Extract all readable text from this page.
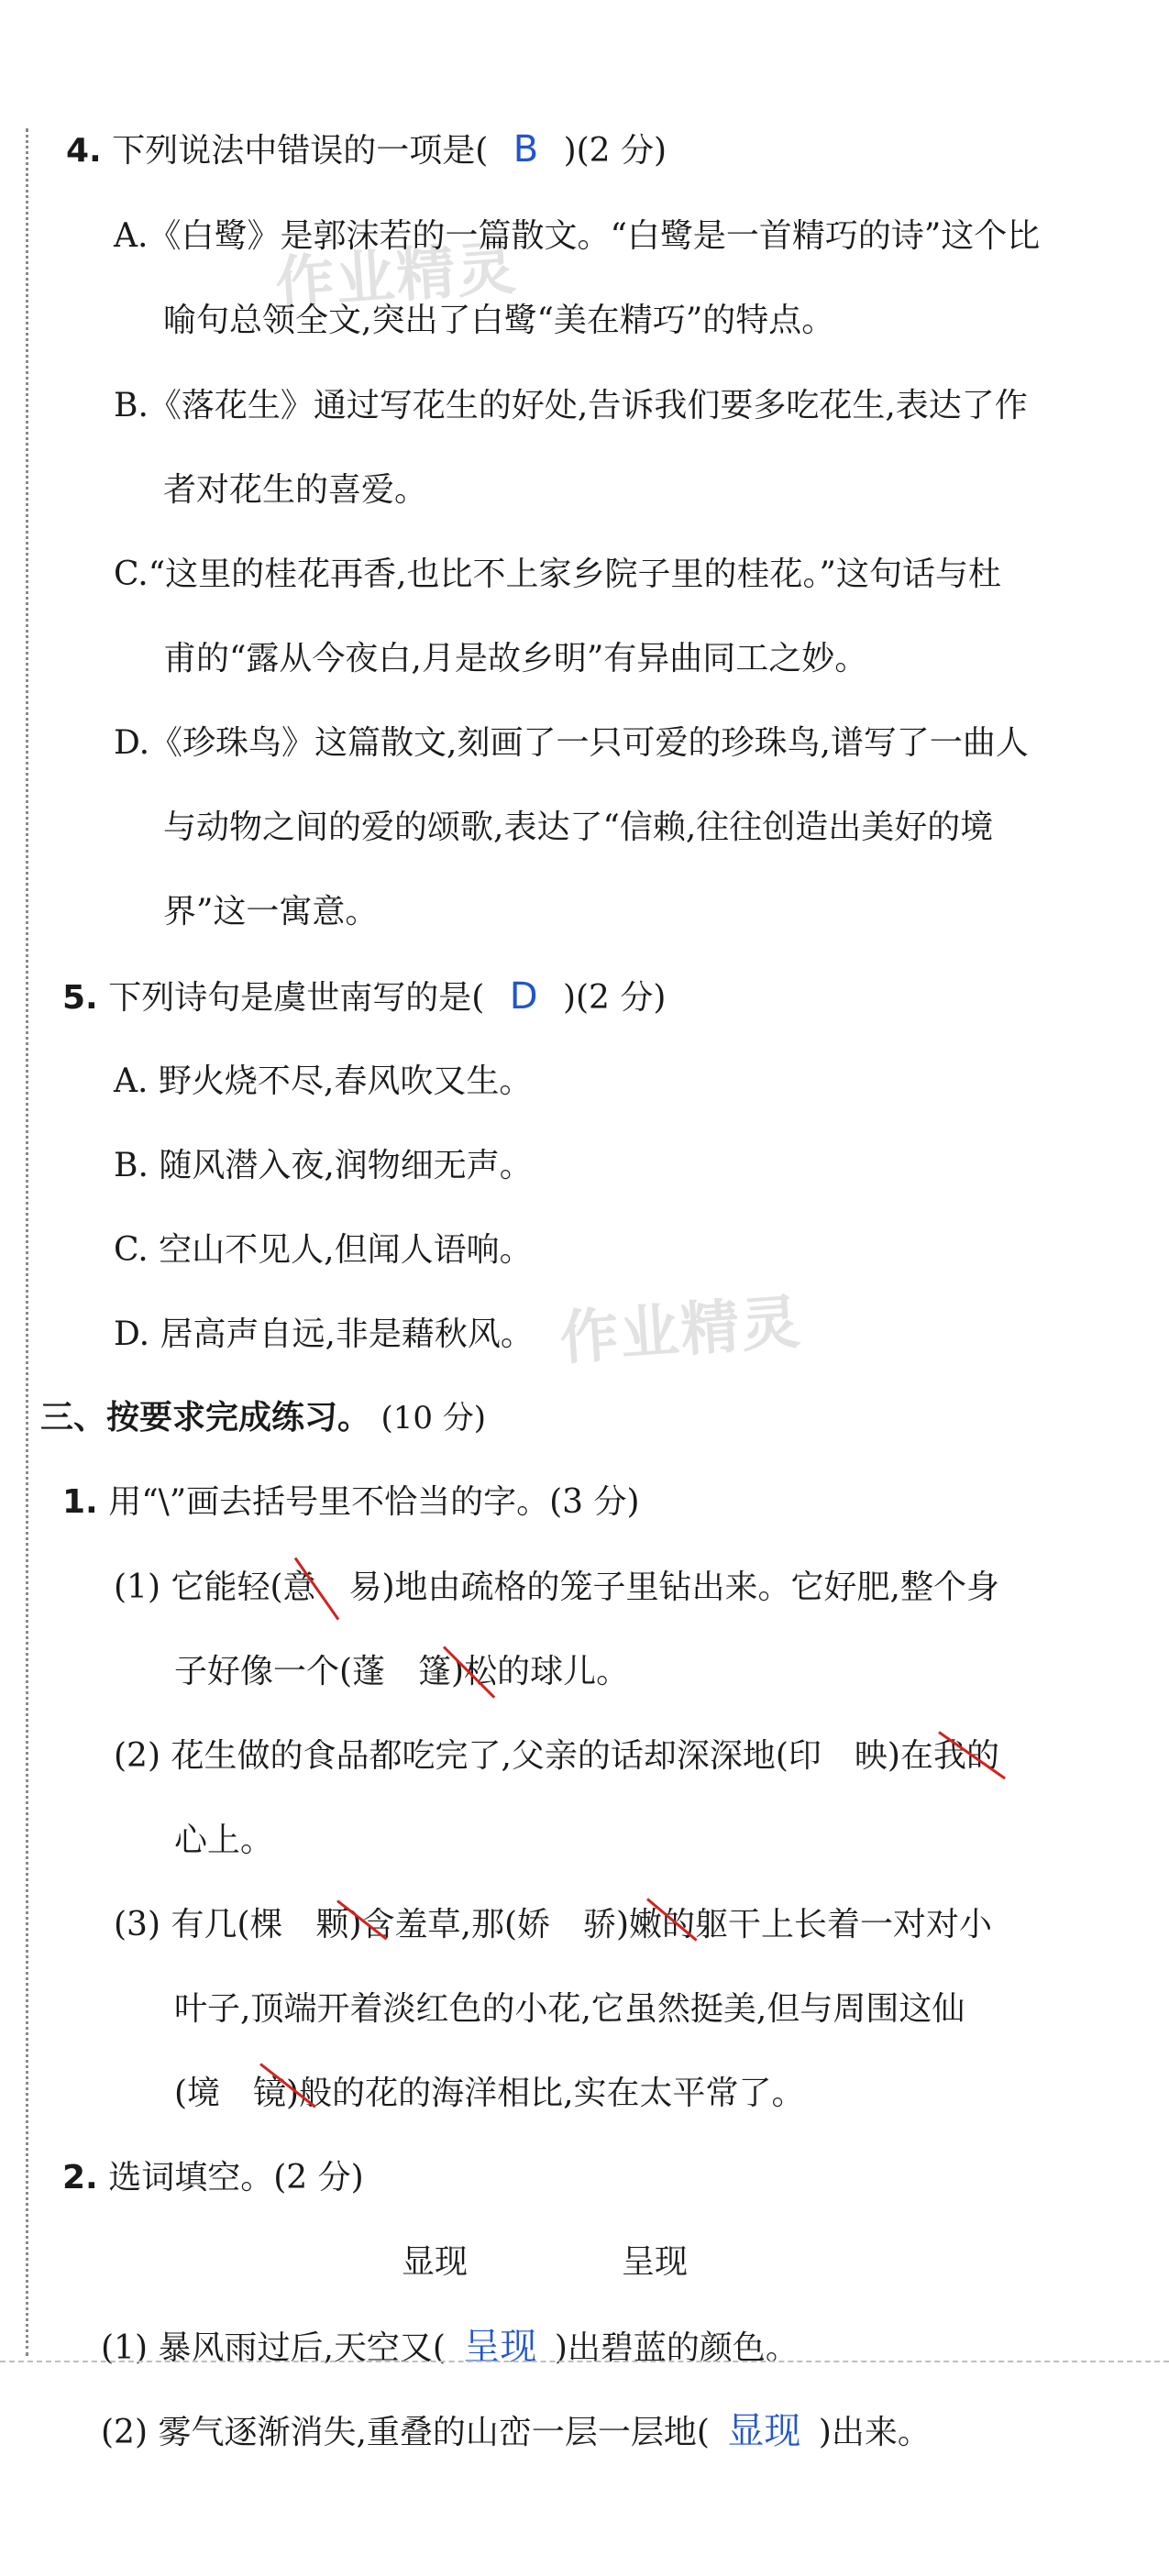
作业精灵
作业精灵
4. 下列说法中错误的一项是( B )(2 分)
A.《白鹭》是郭沫若的一篇散文。“白鹭是一首精巧的诗”这个比
喻句总领全文,突出了白鹭“美在精巧”的特点。
B.《落花生》通过写花生的好处,告诉我们要多吃花生,表达了作
者对花生的喜爱。
C.“这里的桂花再香,也比不上家乡院子里的桂花。”这句话与杜
甫的“露从今夜白,月是故乡明”有异曲同工之妙。
D.《珍珠鸟》这篇散文,刻画了一只可爱的珍珠鸟,谱写了一曲人
与动物之间的爱的颂歌,表达了“信赖,往往创造出美好的境
界”这一寓意。
5. 下列诗句是虞世南写的是( D )(2 分)
A. 野火烧不尽,春风吹又生。
B. 随风潜入夜,润物细无声。
C. 空山不见人,但闻人语响。
D. 居高声自远,非是藉秋风。
三、按要求完成练习。 (10 分)
1. 用“\”画去括号里不恰当的字。(3 分)
(1) 它能轻(意　易)地由疏格的笼子里钻出来。它好肥,整个身
子好像一个(蓬　篷)松的球儿。
(2) 花生做的食品都吃完了,父亲的话却深深地(印　映)在我的
心上。
(3) 有几(棵　颗)含羞草,那(娇　骄)嫩的躯干上长着一对对小
叶子,顶端开着淡红色的小花,它虽然挺美,但与周围这仙
(境　镜)般的花的海洋相比,实在太平常了。
2. 选词填空。(2 分)
显现	呈现
(1) 暴风雨过后,天空又( 呈现 )出碧蓝的颜色。
(2) 雾气逐渐消失,重叠的山峦一层一层地( 显现 )出来。
